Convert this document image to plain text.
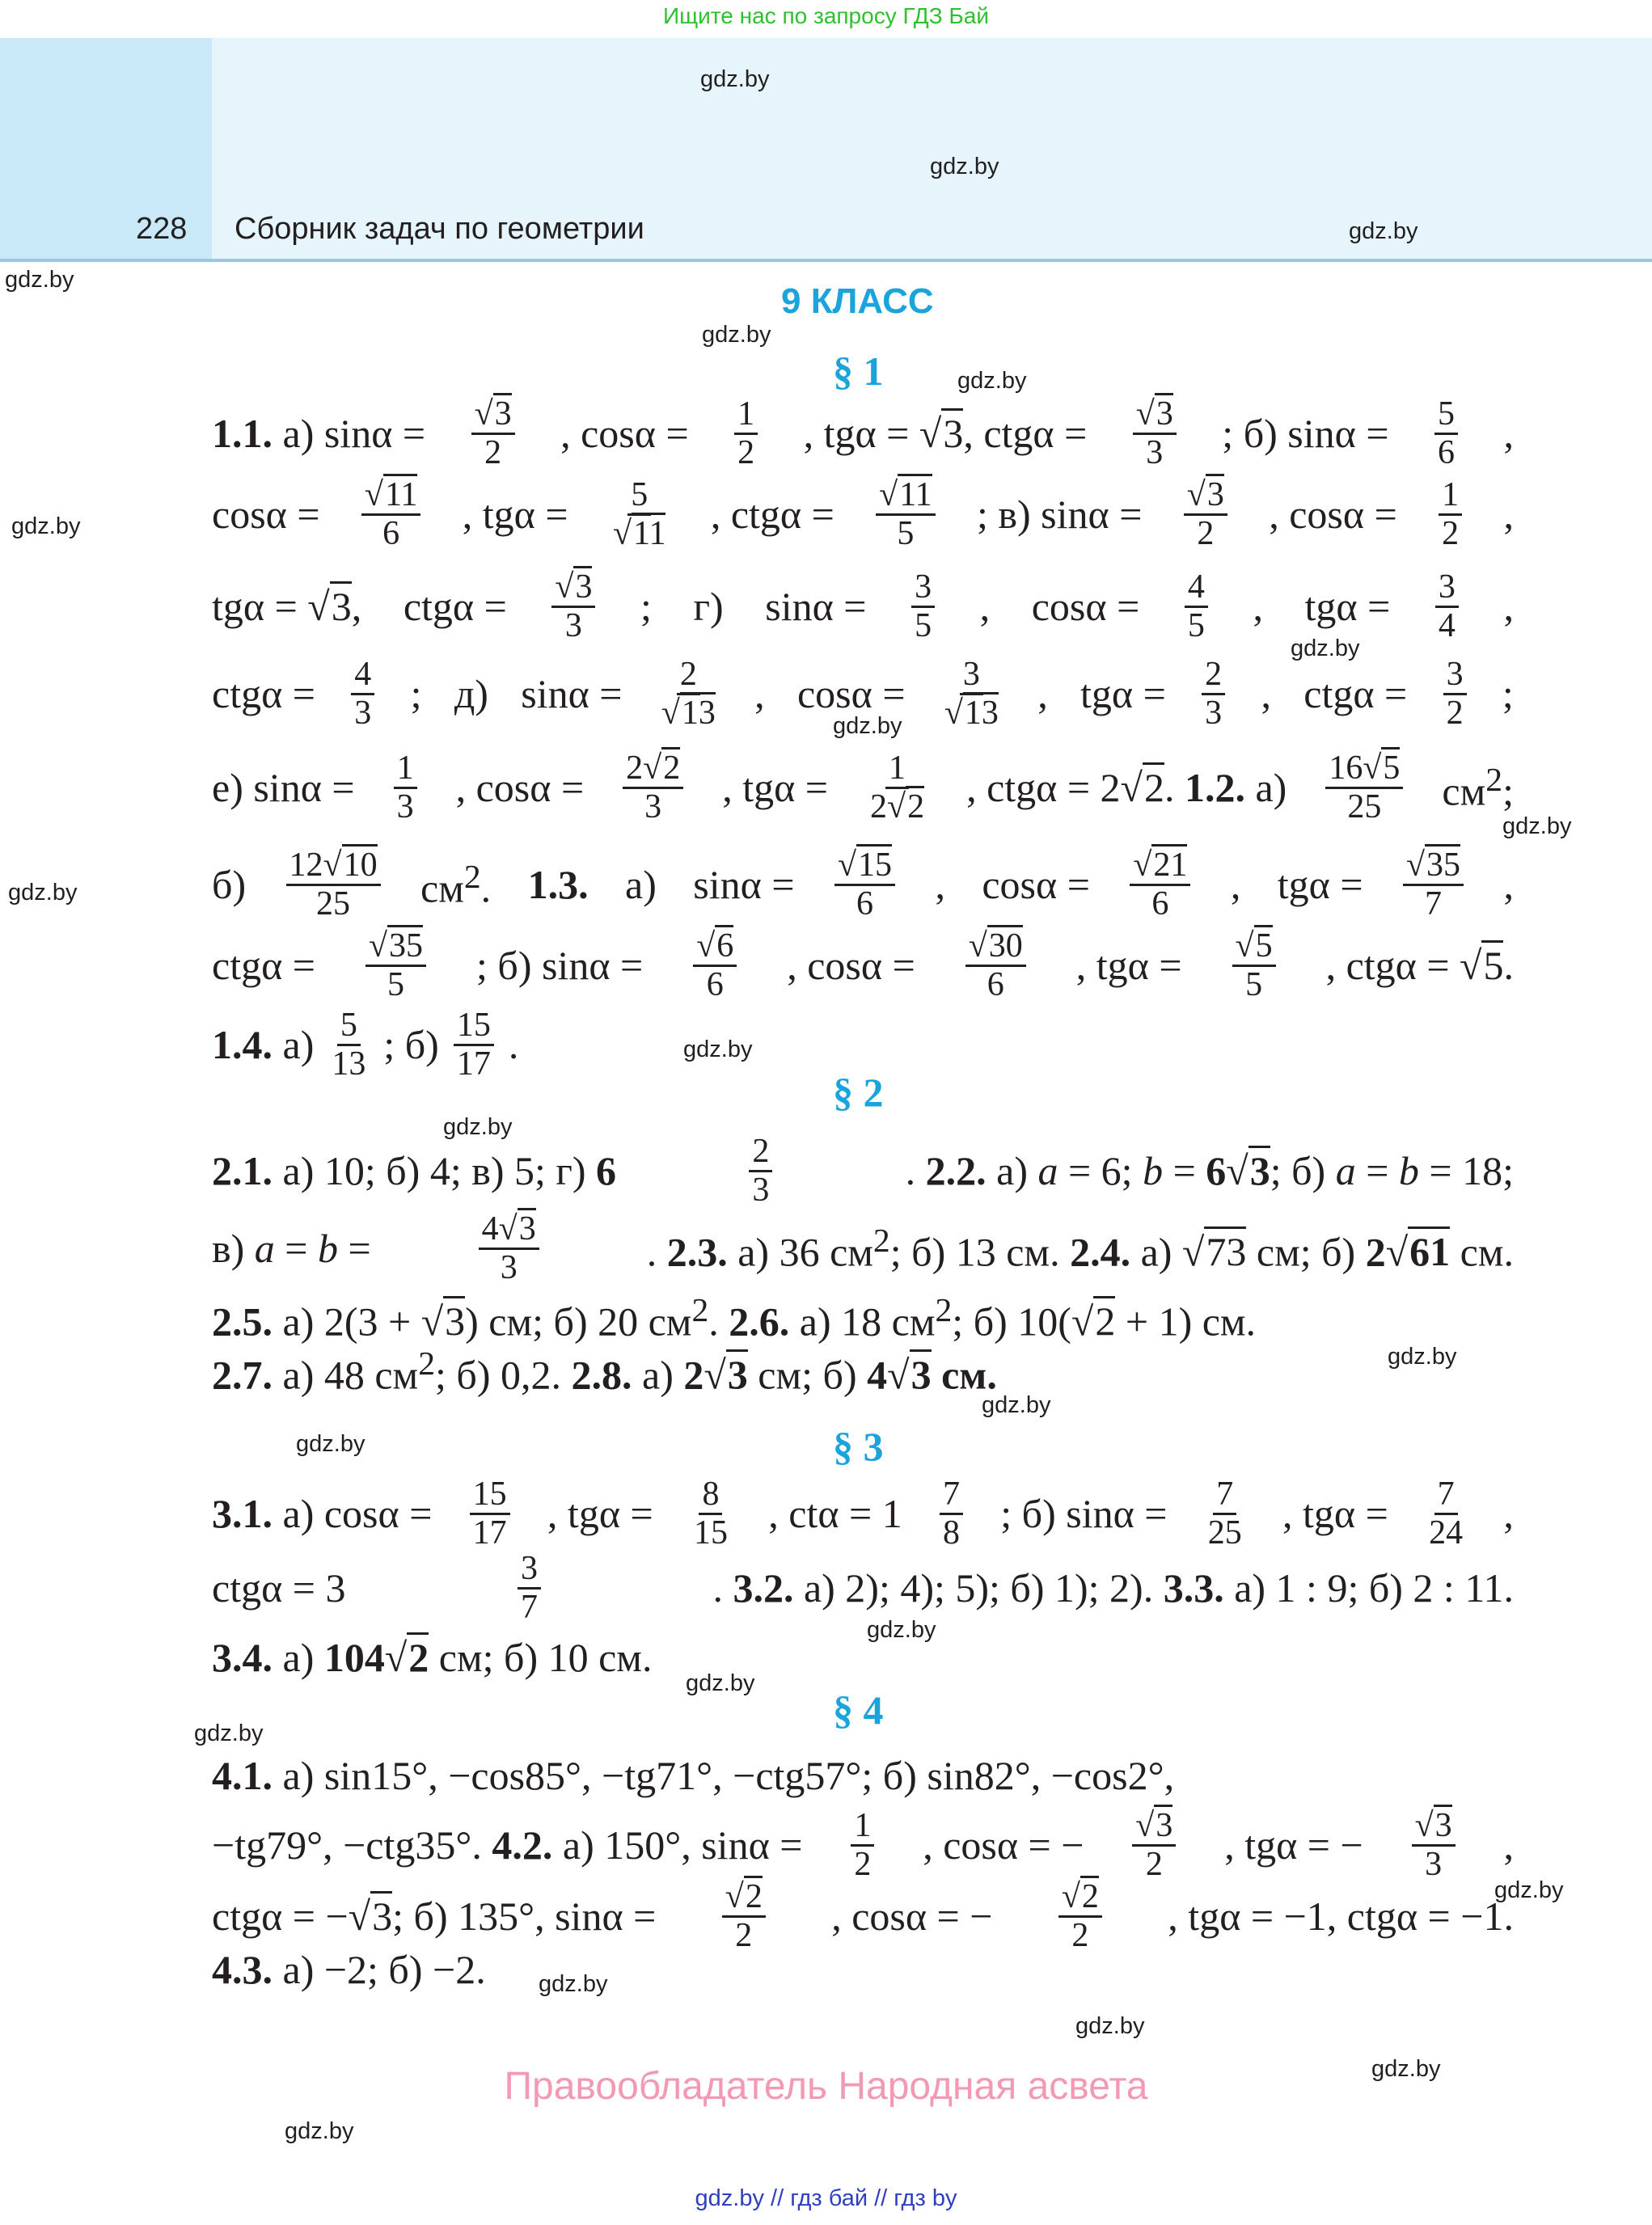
Ищите нас по запросу ГДЗ Бай
228 Сборник задач по геометрии
gdz.by
gdz.by
gdz.by
gdz.by
gdz.by
gdz.by
gdz.by
gdz.by
gdz.by
gdz.by
gdz.by
gdz.by
gdz.by
gdz.by
gdz.by
gdz.by
gdz.by
gdz.by
gdz.by
gdz.by
gdz.by
gdz.by
gdz.by
gdz.by
9 КЛАСС
§ 1
1.1. а) $\sin\alpha = \frac{√3}{2}$ , $\cos\alpha = \frac{1}{2}$ , tgα = √3, $ctg\alpha = \frac{√3}{3}$ ; б) $\sin\alpha = \frac{5}{6}$ ,
$\cos\alpha = \frac{√11}{6}$ , $tg\alpha = \frac{5}{√11}$ , $ctg\alpha = \frac{√11}{5}$ ; в) $\sin\alpha = \frac{√3}{2}$ , $\cos\alpha = \frac{1}{2}$ ,
tgα = √3, $ctg\alpha = \frac{√3}{3}$ ; г) $\sin\alpha = \frac{3}{5}$ , $\cos\alpha = \frac{4}{5}$ , $tg\alpha = \frac{3}{4}$ ,
$ctg\alpha = \frac{4}{3}$ ; д) $\sin\alpha = \frac{2}{√13}$ , $\cos\alpha = \frac{3}{√13}$ , $tg\alpha = \frac{2}{3}$ , $ctg\alpha = \frac{3}{2}$ ;
е) $\sin\alpha = \frac{1}{3}$ , $\cos\alpha = \frac{2√2}{3}$ , $tg\alpha = \frac{1}{2√2}$ , ctgα = 2√2. 1.2. $а) \frac{16√5}{25} см^2$;
$б) \frac{12√10}{25} см^2$. 1.3. а) $\sin\alpha = \frac{√15}{6}$ , $\cos\alpha = \frac{√21}{6}$ , $tg\alpha = \frac{√35}{7}$ ,
$ctg\alpha = \frac{√35}{5}$ ; б) $\sin\alpha = \frac{√6}{6}$ , $\cos\alpha = \frac{√30}{6}$ , $tg\alpha = \frac{√5}{5}$ , ctgα = √5.
1.4. $а) \frac{5}{13}$ ; $б) \frac{15}{17}$ .
§ 2
2.1. а) 10; б) 4; в) 5; г) 6	$\frac{2}{3}$	. 2.2. а) a = 6; b = 6√3; б) a = b = 18;
в) a = b =	$\frac{4√3}{3}$	. 2.3. а) 36 $см^2$; б) 13 см. 2.4. а) √73 см; б) 2√61 см.
2.5. а) 2(3 + √3) см; б) 20 $см^2$. 2.6. а) 18 $см^2$; б) 10(√2 + 1) см.
2.7. а) 48 $см^2$; б) 0,2. 2.8. а) 2√3 см; б) 4√3 см.
§ 3
3.1. а) $\cos\alpha = \frac{15}{17}$ , $tg\alpha = \frac{8}{15}$ , $ct\alpha = 1 \frac{7}{8}$ ; б) $\sin\alpha = \frac{7}{25}$ , $tg\alpha = \frac{7}{24}$ ,
ctgα = 3	$\frac{3}{7}$	. 3.2. а) 2); 4); 5); б) 1); 2). 3.3. а) 1 : 9; б) 2 : 11.
3.4. а) 104√2 см; б) 10 см.
§ 4
4.1. а) sin15°, −cos85°, −tg71°, −ctg57°; б) sin82°, −cos2°,
−tg79°, −ctg35°. 4.2. а) 150°, $\sin\alpha = \frac{1}{2}$ , cosα = − $\frac{√3}{2}$ , tgα = − $\frac{√3}{3}$ ,
ctgα = −√3; б) 135°, $\sin\alpha = \frac{√2}{2}$ , cosα = − $\frac{√2}{2}$ , tgα = −1, ctgα = −1.
4.3. а) −2; б) −2.
Правообладатель Народная асвета
gdz.by // гдз бай // гдз by
